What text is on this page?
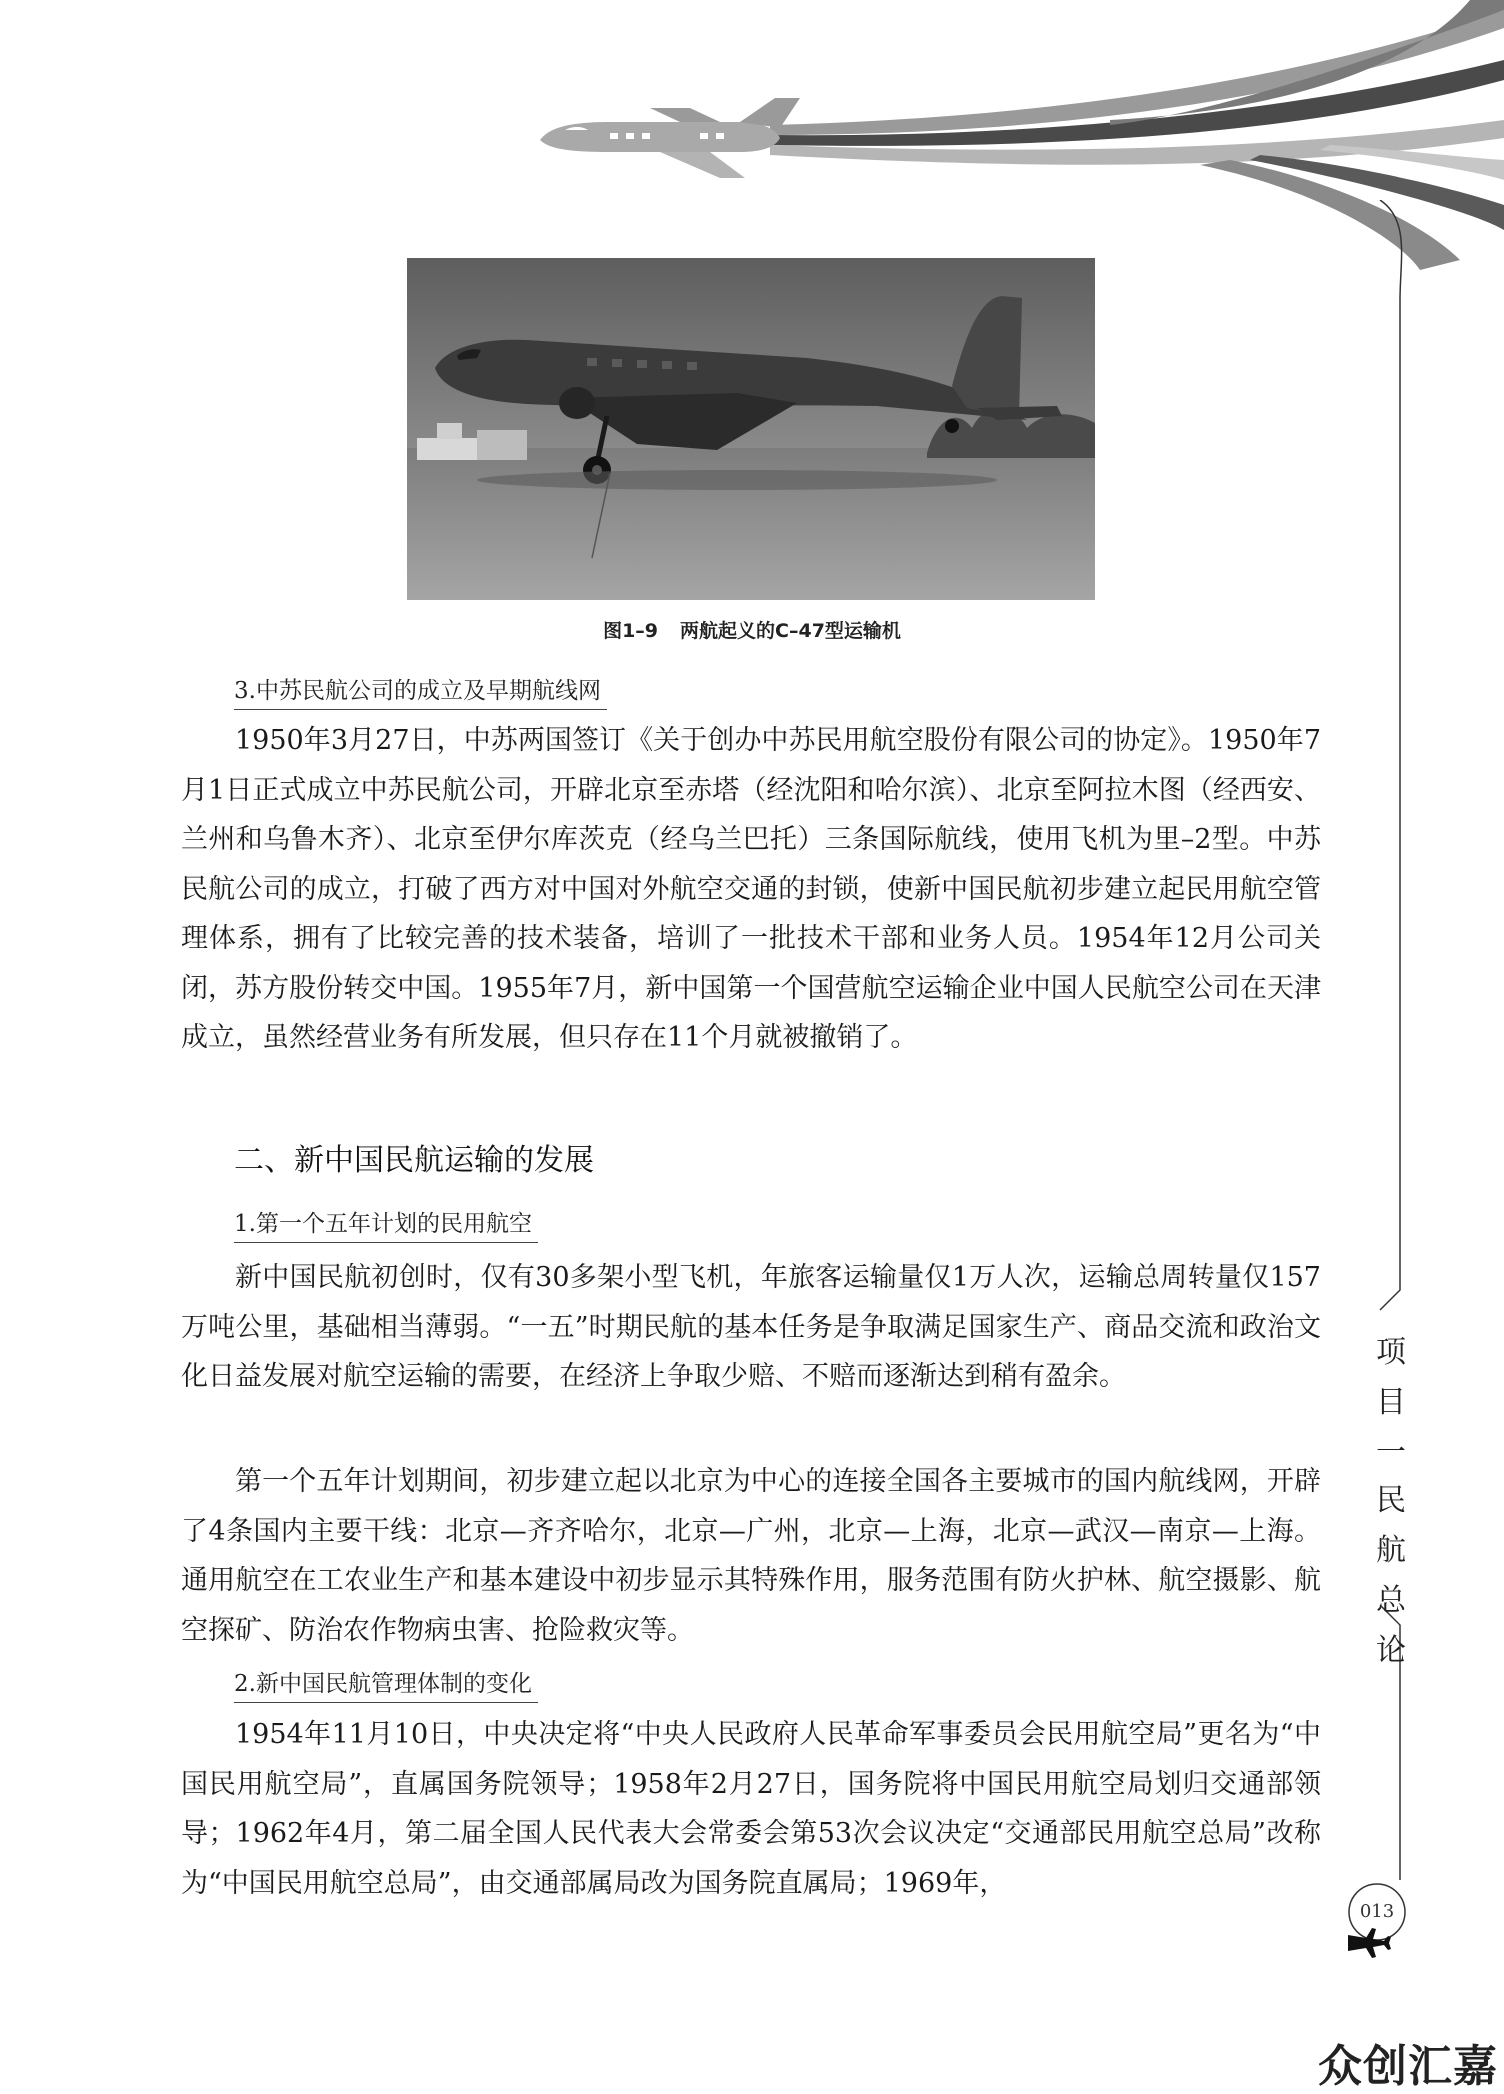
图1–9 两航起义的C–47型运输机
3.中苏民航公司的成立及早期航线网

1950年3月27日，中苏两国签订《关于创办中苏民用航空股份有限公司的协定》。1950年7月1日正式成立中苏民航公司，开辟北京至赤塔（经沈阳和哈尔滨）、北京至阿拉木图（经西安、兰州和乌鲁木齐）、北京至伊尔库茨克（经乌兰巴托）三条国际航线，使用飞机为里–2型。中苏民航公司的成立，打破了西方对中国对外航空交通的封锁，使新中国民航初步建立起民用航空管理体系，拥有了比较完善的技术装备，培训了一批技术干部和业务人员。1954年12月公司关闭，苏方股份转交中国。1955年7月，新中国第一个国营航空运输企业中国人民航空公司在天津成立，虽然经营业务有所发展，但只存在11个月就被撤销了。

二、新中国民航运输的发展
1.第一个五年计划的民用航空

新中国民航初创时，仅有30多架小型飞机，年旅客运输量仅1万人次，运输总周转量仅157万吨公里，基础相当薄弱。“一五”时期民航的基本任务是争取满足国家生产、商品交流和政治文化日益发展对航空运输的需要，在经济上争取少赔、不赔而逐渐达到稍有盈余。

第一个五年计划期间，初步建立起以北京为中心的连接全国各主要城市的国内航线网，开辟了4条国内主要干线：北京—齐齐哈尔，北京—广州，北京—上海，北京—武汉—南京—上海。通用航空在工农业生产和基本建设中初步显示其特殊作用，服务范围有防火护林、航空摄影、航空探矿、防治农作物病虫害、抢险救灾等。

2.新中国民航管理体制的变化

1954年11月10日，中央决定将“中央人民政府人民革命军事委员会民用航空局”更名为“中国民用航空局”，直属国务院领导；1958年2月27日，国务院将中国民用航空局划归交通部领导；1962年4月，第二届全国人民代表大会常委会第53次会议决定“交通部民用航空总局”改称为“中国民用航空总局”，由交通部属局改为国务院直属局；1969年，

项
目
一
民
航
总
论
013
众创汇嘉
